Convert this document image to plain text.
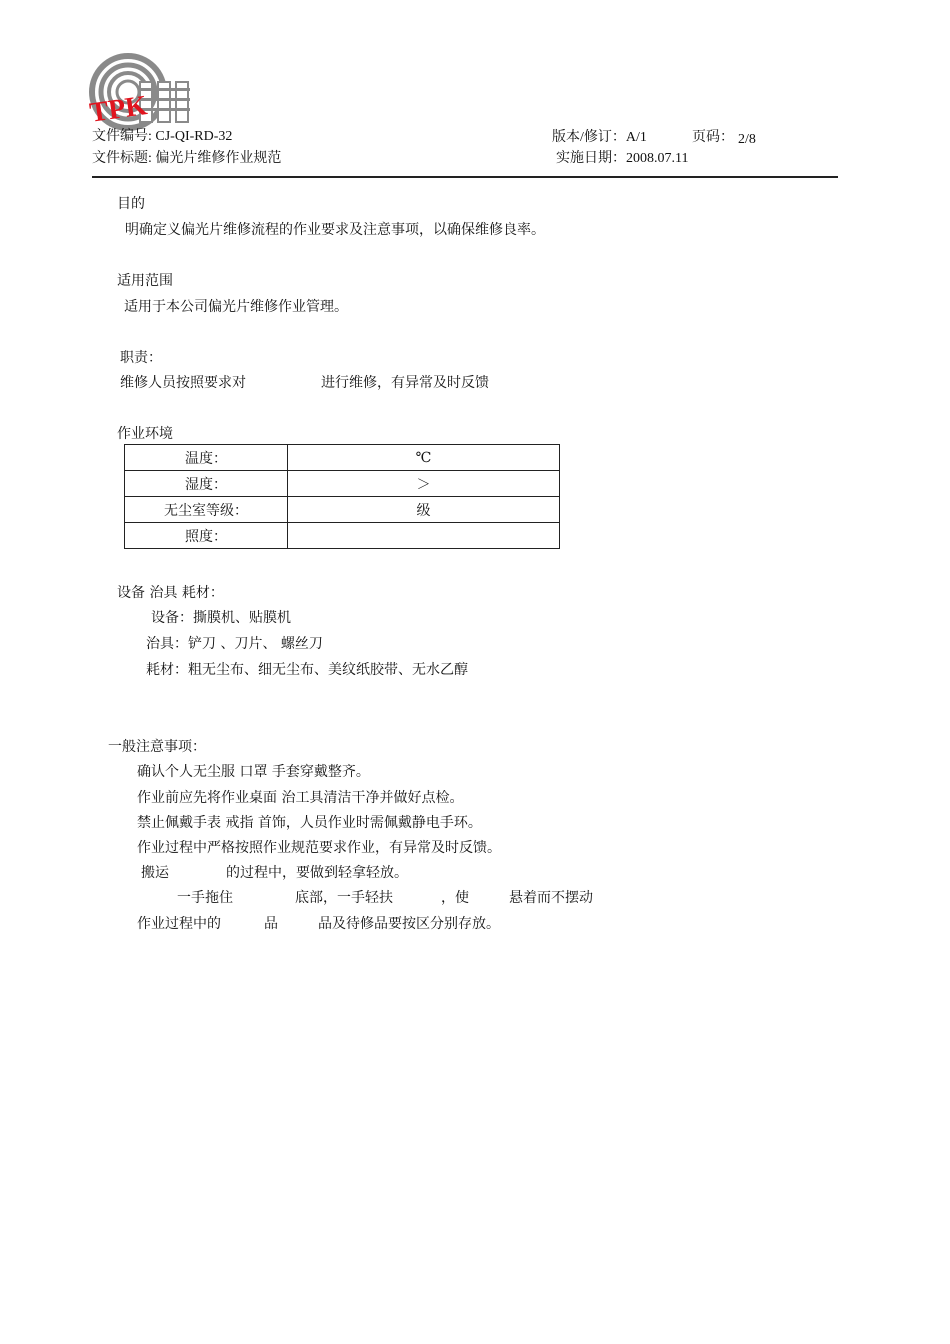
TPK
文件编号: CJ-QI-RD-32
文件标题: 偏光片维修作业规范
版本/修订：A/1	页码： 2/8
实施日期：2008.07.11
目的
明确定义偏光片维修流程的作业要求及注意事项，以确保维修良率。
适用范围
适用于本公司偏光片维修作业管理。
职责：
维修人员按照要求对	进行维修，有异常及时反馈
作业环境
温度：	℃
湿度：	＞
无尘室等级：	级
照度：	
设备 治具 耗材：
设备：撕膜机、贴膜机
治具：铲刀 、刀片、 螺丝刀
耗材：粗无尘布、细无尘布、美纹纸胶带、无水乙醇
一般注意事项：
确认个人无尘服 口罩 手套穿戴整齐。
作业前应先将作业桌面 治工具清洁干净并做好点检。
禁止佩戴手表 戒指 首饰，人员作业时需佩戴静电手环。
作业过程中严格按照作业规范要求作业，有异常及时反馈。
搬运	的过程中，要做到轻拿轻放。
一手拖住	底部，一手轻扶	，使	悬着而不摆动
作业过程中的	品	品及待修品要按区分别存放。
